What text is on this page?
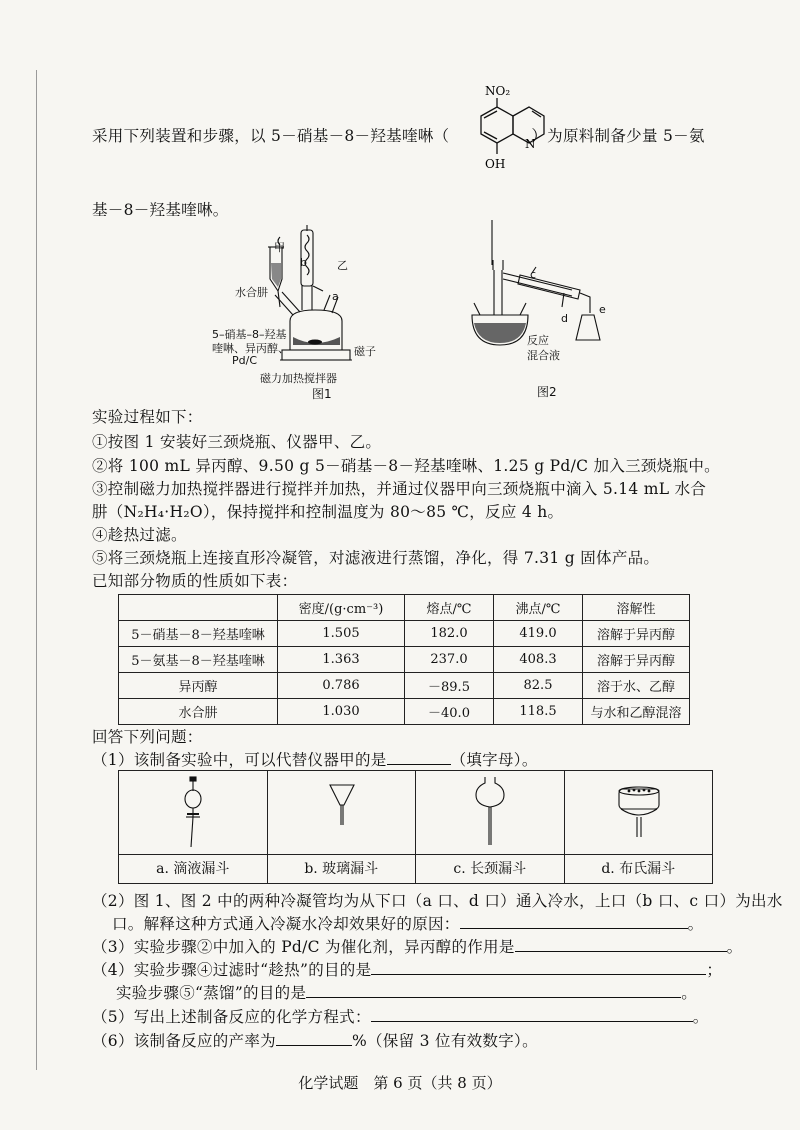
采用下列装置和步骤，以 5－硝基－8－羟基喹啉（	）为原料制备少量 5－氨
NO₂
N
OH
基－8－羟基喹啉。
甲
乙
b
a
水合肼
5–硝基–8–羟基
喹啉、异丙醇、
Pd/C
磁子
磁力加热搅拌器
图1
c
d
e
反应
混合液
图2
实验过程如下：
①按图 1 安装好三颈烧瓶、仪器甲、乙。
②将 100 mL 异丙醇、9.50 g 5－硝基－8－羟基喹啉、1.25 g Pd/C 加入三颈烧瓶中。
③控制磁力加热搅拌器进行搅拌并加热，并通过仪器甲向三颈烧瓶中滴入 5.14 mL 水合
肼（N₂H₄·H₂O），保持搅拌和控制温度为 80～85 ℃，反应 4 h。
④趁热过滤。
⑤将三颈烧瓶上连接直形冷凝管，对滤液进行蒸馏，净化，得 7.31 g 固体产品。
已知部分物质的性质如下表：
	密度/(g·cm⁻³)	熔点/℃	沸点/℃	溶解性
5－硝基－8－羟基喹啉	1.505	182.0	419.0	溶解于异丙醇
5－氨基－8－羟基喹啉	1.363	237.0	408.3	溶解于异丙醇
异丙醇	0.786	－89.5	82.5	溶于水、乙醇
水合肼	1.030	－40.0	118.5	与水和乙醇混溶
回答下列问题：
（1）该制备实验中，可以代替仪器甲的是	（填字母）。
a. 滴液漏斗	b. 玻璃漏斗	c. 长颈漏斗	d. 布氏漏斗
（2）图 1、图 2 中的两种冷凝管均为从下口（a 口、d 口）通入冷水，上口（b 口、c 口）为出水
口。解释这种方式通入冷凝水冷却效果好的原因：	。
（3）实验步骤②中加入的 Pd/C 为催化剂，异丙醇的作用是	。
（4）实验步骤④过滤时“趁热”的目的是	；
实验步骤⑤“蒸馏”的目的是	。
（5）写出上述制备反应的化学方程式：	。
（6）该制备反应的产率为	%（保留 3 位有效数字）。
化学试题　第 6 页（共 8 页）
